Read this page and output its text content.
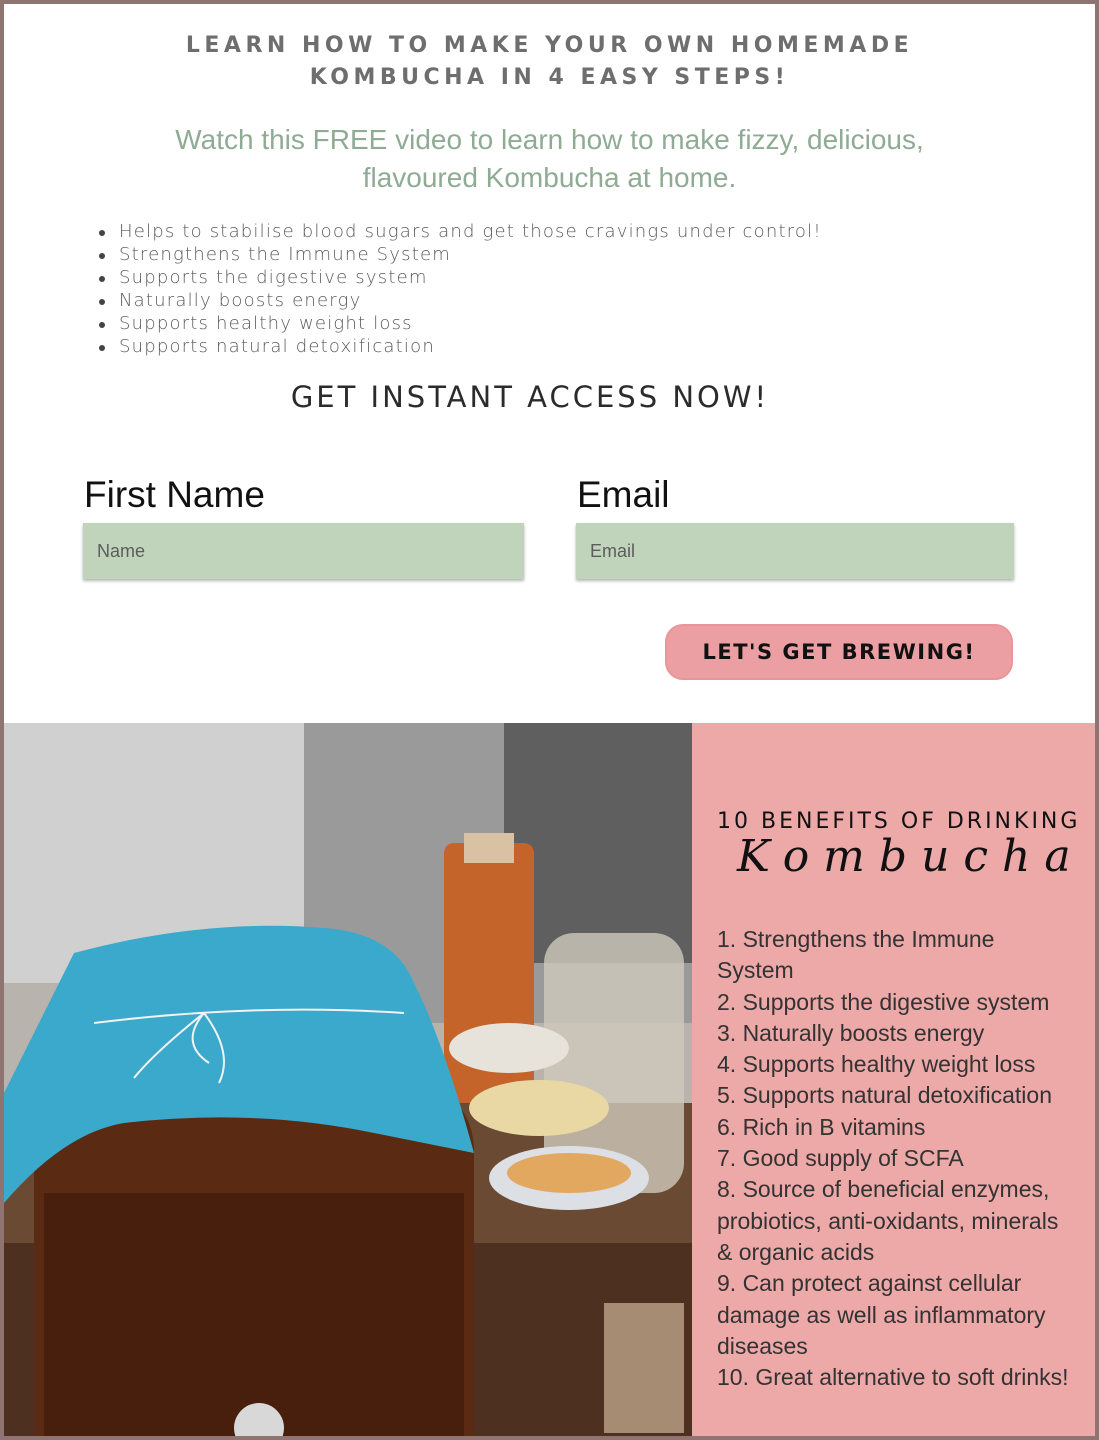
LEARN HOW TO MAKE YOUR OWN HOMEMADE
KOMBUCHA IN 4 EASY STEPS!
Watch this FREE video to learn how to make fizzy, delicious,
flavoured Kombucha at home.
Helps to stabilise blood sugars and get those cravings under control!
Strengthens the Immune System
Supports the digestive system
Naturally boosts energy
Supports healthy weight loss
Supports natural detoxification
GET INSTANT ACCESS NOW!
First Name
Name	Email
Email
LET'S GET BREWING!
10 BENEFITS OF DRINKING
Kombucha
1. Strengthens the Immune System
2. Supports the digestive system
3. Naturally boosts energy
4. Supports healthy weight loss
5. Supports natural detoxification
6. Rich in B vitamins
7. Good supply of SCFA
8. Source of beneficial enzymes, probiotics, anti-oxidants, minerals & organic acids
9. Can protect against cellular damage as well as inflammatory diseases
10. Great alternative to soft drinks!
